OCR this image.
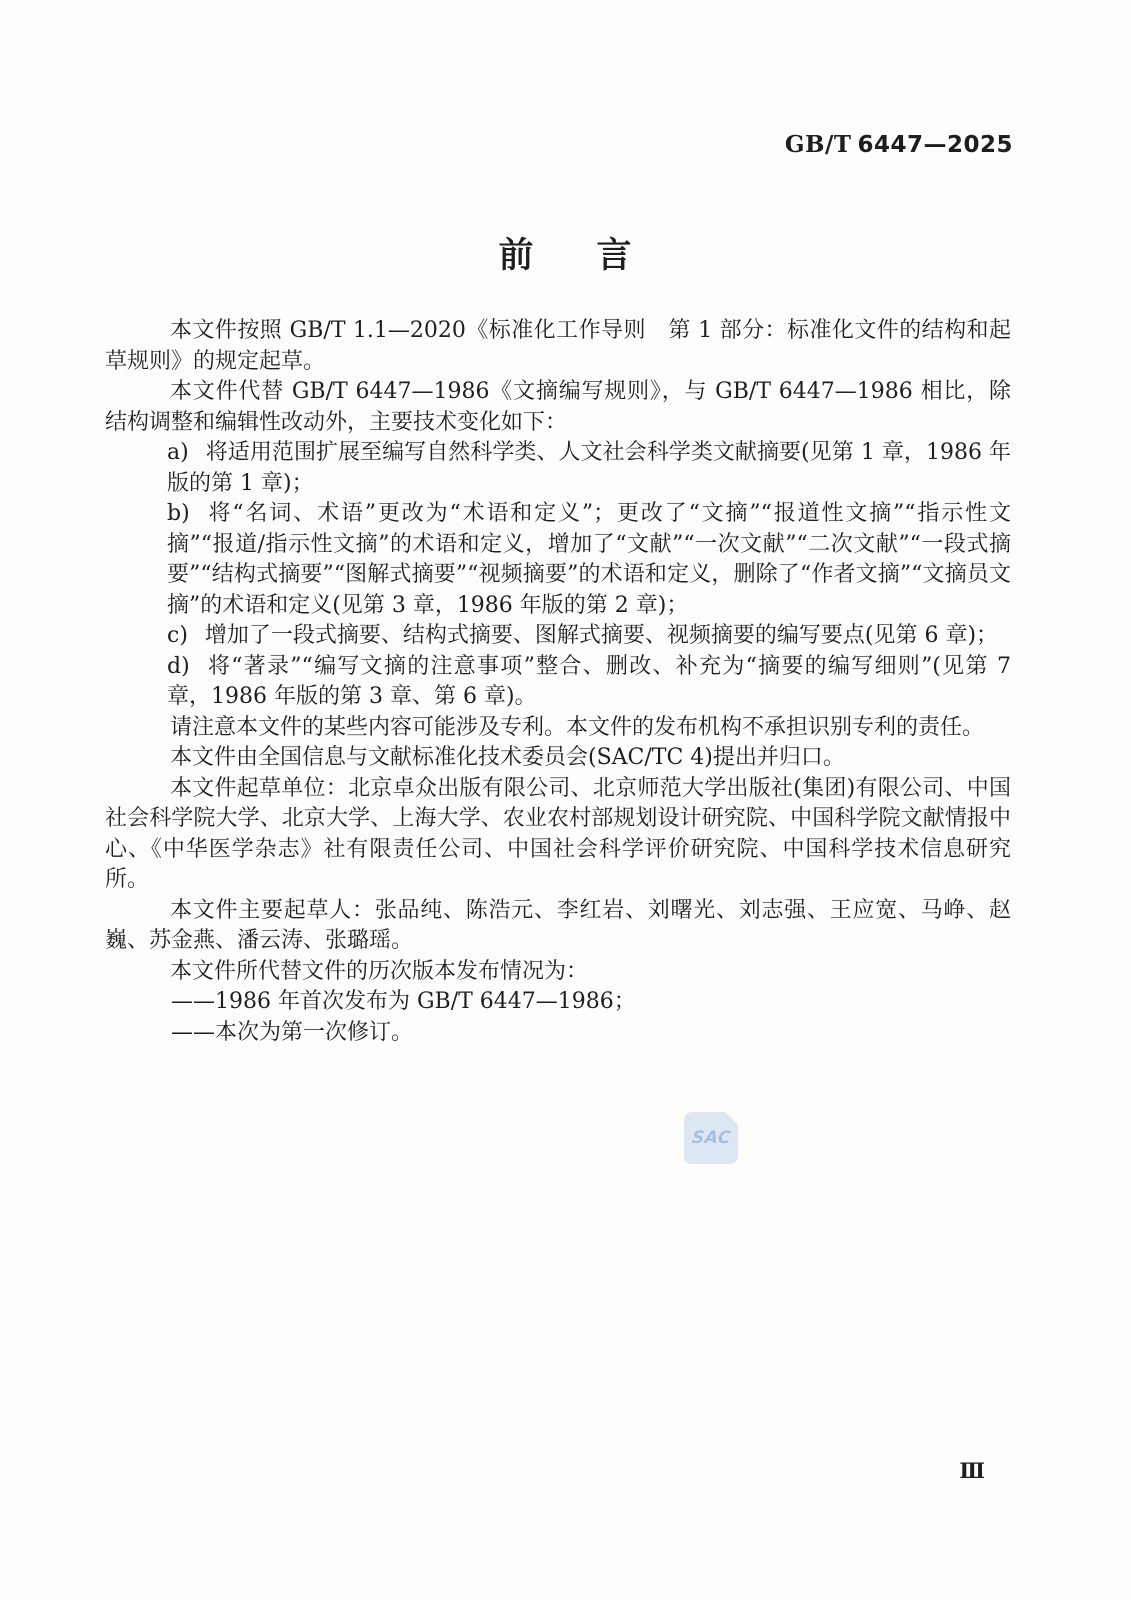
GB/T 6447—2025
前 言

本文件按照 GB/T 1.1—2020《标准化工作导则　第 1 部分：标准化文件的结构和起草规则》的规定起草。

本文件代替 GB/T 6447—1986《文摘编写规则》，与 GB/T 6447—1986 相比，除结构调整和编辑性改动外，主要技术变化如下：

a) 将适用范围扩展至编写自然科学类、人文社会科学类文献摘要(见第 1 章，1986 年版的第 1 章)；
b) 将“名词、术语”更改为“术语和定义”；更改了“文摘”“报道性文摘”“指示性文摘”“报道/指示性文摘”的术语和定义，增加了“文献”“一次文献”“二次文献”“一段式摘要”“结构式摘要”“图解式摘要”“视频摘要”的术语和定义，删除了“作者文摘”“文摘员文摘”的术语和定义(见第 3 章，1986 年版的第 2 章)；
c) 增加了一段式摘要、结构式摘要、图解式摘要、视频摘要的编写要点(见第 6 章)；
d) 将“著录”“编写文摘的注意事项”整合、删改、补充为“摘要的编写细则”(见第 7 章，1986 年版的第 3 章、第 6 章)。

请注意本文件的某些内容可能涉及专利。本文件的发布机构不承担识别专利的责任。

本文件由全国信息与文献标准化技术委员会(SAC/TC 4)提出并归口。

本文件起草单位：北京卓众出版有限公司、北京师范大学出版社(集团)有限公司、中国社会科学院大学、北京大学、上海大学、农业农村部规划设计研究院、中国科学院文献情报中心、《中华医学杂志》社有限责任公司、中国社会科学评价研究院、中国科学技术信息研究所。

本文件主要起草人：张品纯、陈浩元、李红岩、刘曙光、刘志强、王应宽、马峥、赵巍、苏金燕、潘云涛、张璐瑶。

本文件所代替文件的历次版本发布情况为：

——1986 年首次发布为 GB/T 6447—1986；

——本次为第一次修订。

SAC
Ⅲ
